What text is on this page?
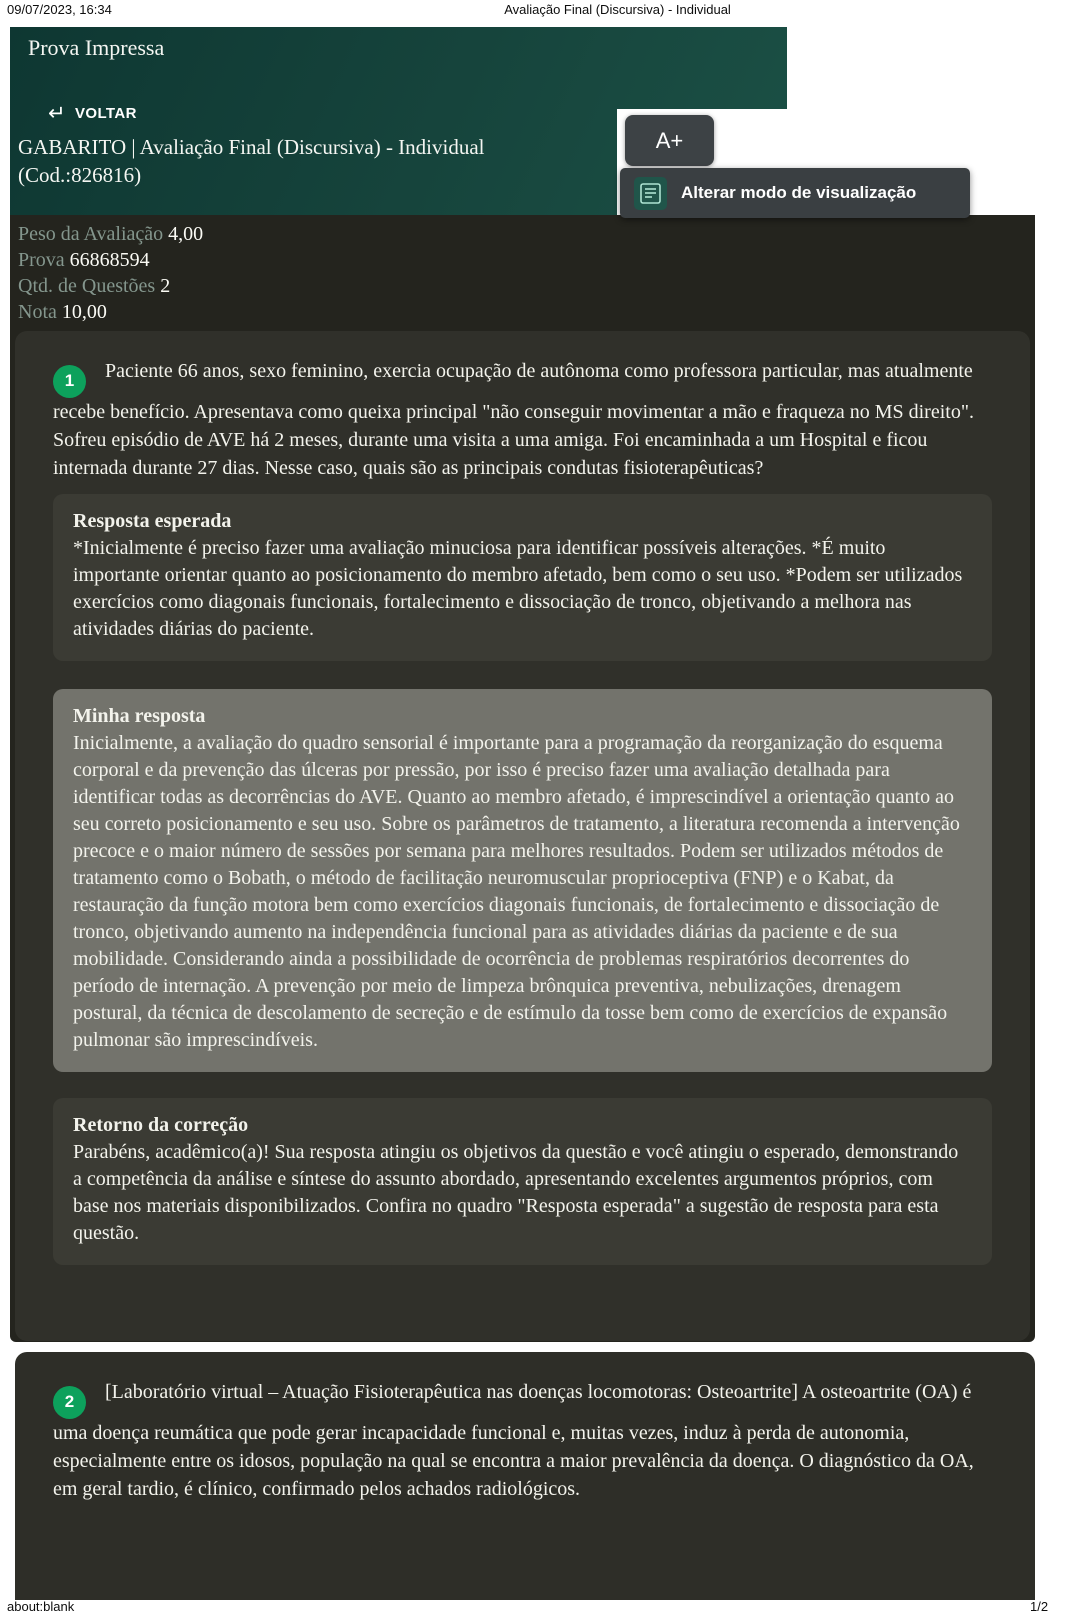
09/07/2023, 16:34	Avaliação Final (Discursiva) - Individual
Prova Impressa
↵ VOLTAR
GABARITO | Avaliação Final (Discursiva) - Individual (Cod.:826816)
A+
Alterar modo de visualização
Peso da Avaliação 4,00
Prova 66868594
Qtd. de Questões 2
Nota 10,00

1 Paciente 66 anos, sexo feminino, exercia ocupação de autônoma como professora particular, mas atualmente recebe benefício. Apresentava como queixa principal "não conseguir movimentar a mão e fraqueza no MS direito". Sofreu episódio de AVE há 2 meses, durante uma visita a uma amiga. Foi encaminhada a um Hospital e ficou internada durante 27 dias. Nesse caso, quais são as principais condutas fisioterapêuticas?

Resposta esperada
*Inicialmente é preciso fazer uma avaliação minuciosa para identificar possíveis alterações. *É muito importante orientar quanto ao posicionamento do membro afetado, bem como o seu uso. *Podem ser utilizados exercícios como diagonais funcionais, fortalecimento e dissociação de tronco, objetivando a melhora nas atividades diárias do paciente.
Minha resposta
Inicialmente, a avaliação do quadro sensorial é importante para a programação da reorganização do esquema corporal e da prevenção das úlceras por pressão, por isso é preciso fazer uma avaliação detalhada para identificar todas as decorrências do AVE. Quanto ao membro afetado, é imprescindível a orientação quanto ao seu correto posicionamento e seu uso. Sobre os parâmetros de tratamento, a literatura recomenda a intervenção precoce e o maior número de sessões por semana para melhores resultados. Podem ser utilizados métodos de tratamento como o Bobath, o método de facilitação neuromuscular proprioceptiva (FNP) e o Kabat, da restauração da função motora bem como exercícios diagonais funcionais, de fortalecimento e dissociação de tronco, objetivando aumento na independência funcional para as atividades diárias da paciente e de sua mobilidade. Considerando ainda a possibilidade de ocorrência de problemas respiratórios decorrentes do período de internação. A prevenção por meio de limpeza brônquica preventiva, nebulizações, drenagem postural, da técnica de descolamento de secreção e de estímulo da tosse bem como de exercícios de expansão pulmonar são imprescindíveis.
Retorno da correção
Parabéns, acadêmico(a)! Sua resposta atingiu os objetivos da questão e você atingiu o esperado, demonstrando a competência da análise e síntese do assunto abordado, apresentando excelentes argumentos próprios, com base nos materiais disponibilizados. Confira no quadro "Resposta esperada" a sugestão de resposta para esta questão.

2 [Laboratório virtual – Atuação Fisioterapêutica nas doenças locomotoras: Osteoartrite] A osteoartrite (OA) é uma doença reumática que pode gerar incapacidade funcional e, muitas vezes, induz à perda de autonomia, especialmente entre os idosos, população na qual se encontra a maior prevalência da doença. O diagnóstico da OA, em geral tardio, é clínico, confirmado pelos achados radiológicos.

about:blank	1/2
